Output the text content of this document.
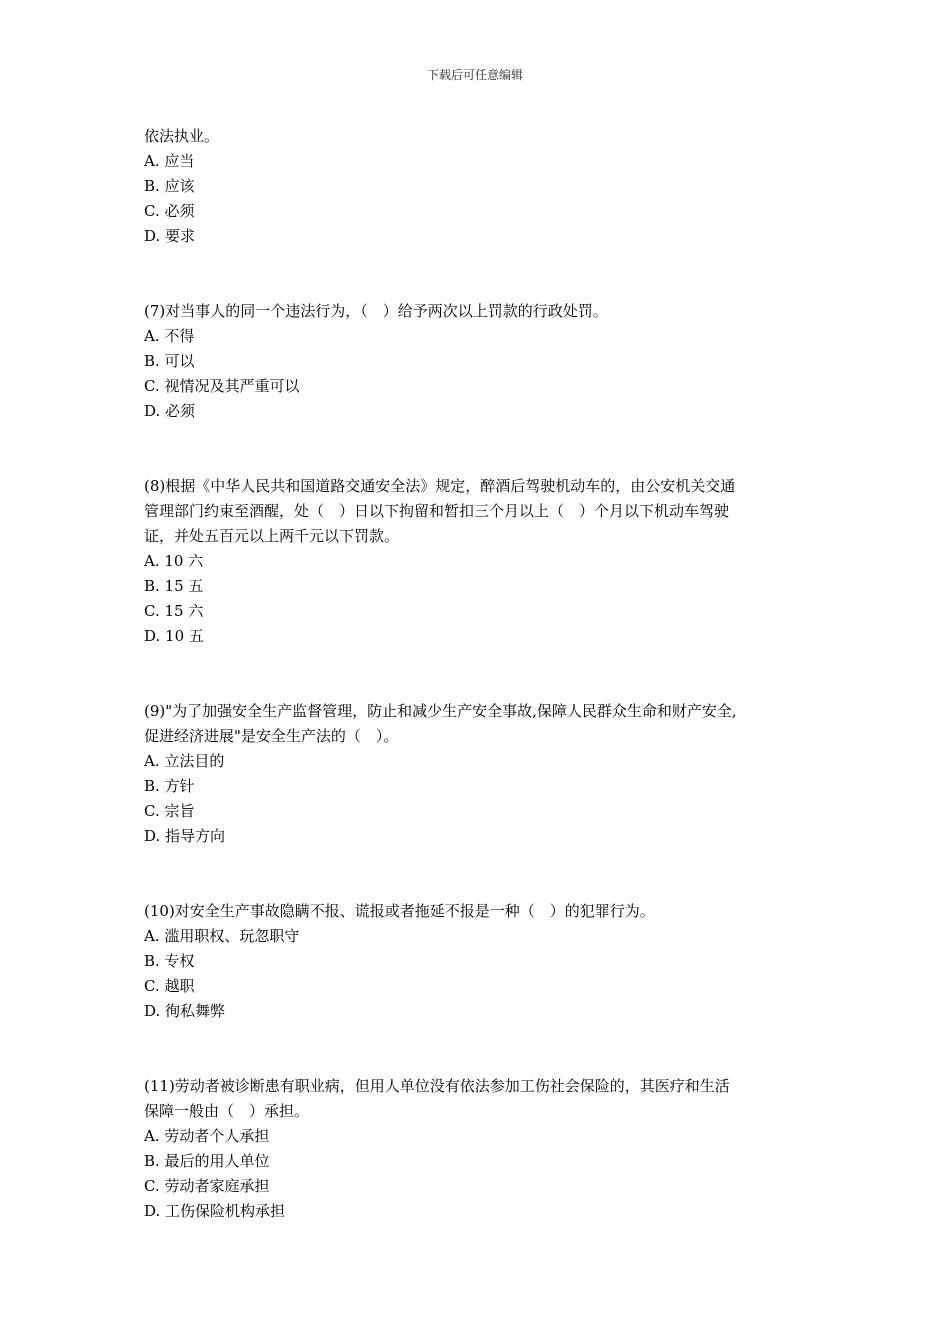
下载后可任意编辑

依法执业。

A. 应当

B. 应该

C. 必须

D. 要求

(7)对当事人的同一个违法行为，（　）给予两次以上罚款的行政处罚。

A. 不得

B. 可以

C. 视情况及其严重可以

D. 必须

(8)根据《中华人民共和国道路交通安全法》规定，醉酒后驾驶机动车的，由公安机关交通

管理部门约束至酒醒，处（　）日以下拘留和暂扣三个月以上（　）个月以下机动车驾驶

证，并处五百元以上两千元以下罚款。

A. 10 六

B. 15 五

C. 15 六

D. 10 五

(9)"为了加强安全生产监督管理，防止和减少生产安全事故,保障人民群众生命和财产安全,

促进经济进展"是安全生产法的（　）。

A. 立法目的

B. 方针

C. 宗旨

D. 指导方向

(10)对安全生产事故隐瞒不报、谎报或者拖延不报是一种（　）的犯罪行为。

A. 滥用职权、玩忽职守

B. 专权

C. 越职

D. 徇私舞弊

(11)劳动者被诊断患有职业病，但用人单位没有依法参加工伤社会保险的，其医疗和生活

保障一般由（　）承担。

A. 劳动者个人承担

B. 最后的用人单位

C. 劳动者家庭承担

D. 工伤保险机构承担
